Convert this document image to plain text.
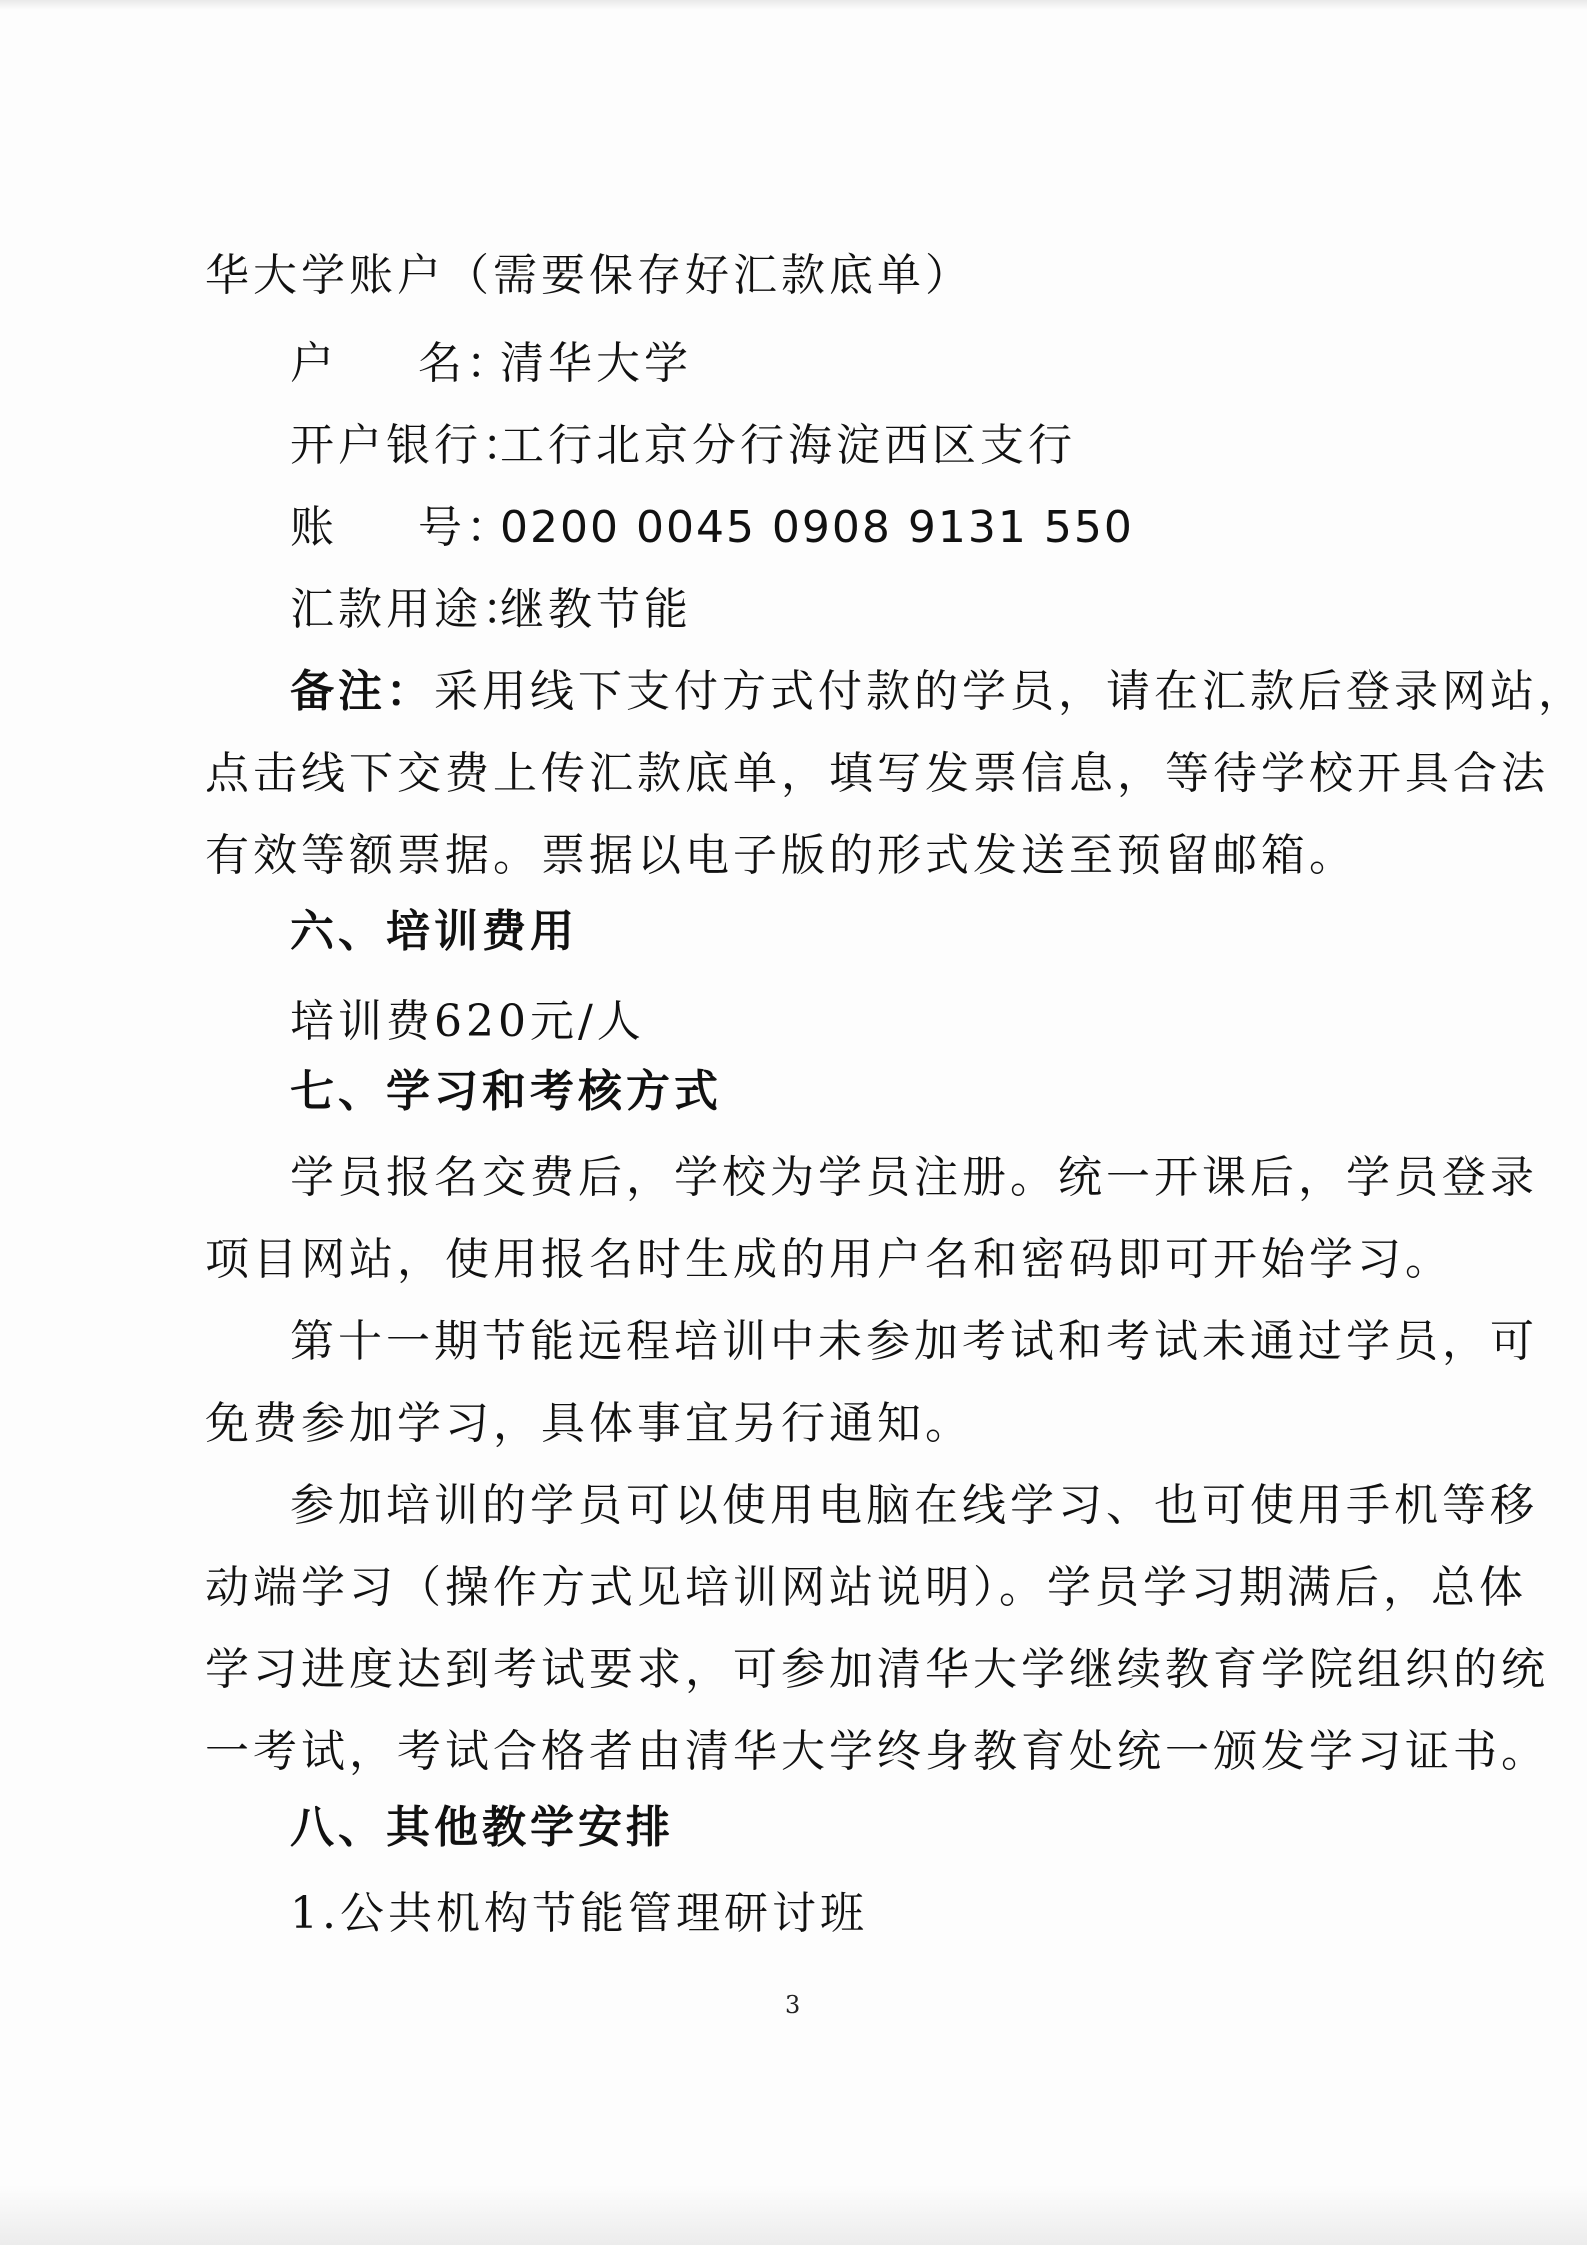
华大学账户（需要保存好汇款底单）
户 名：清华大学
开户银行：工行北京分行海淀西区支行
账 号：0200 0045 0908 9131 550
汇款用途：继教节能
备注：采用线下支付方式付款的学员，请在汇款后登录网站，
点击线下交费上传汇款底单，填写发票信息，等待学校开具合法
有效等额票据。票据以电子版的形式发送至预留邮箱。
六、培训费用
培训费620元/人
七、学习和考核方式
学员报名交费后，学校为学员注册。统一开课后，学员登录
项目网站，使用报名时生成的用户名和密码即可开始学习。
第十一期节能远程培训中未参加考试和考试未通过学员，可
免费参加学习，具体事宜另行通知。
参加培训的学员可以使用电脑在线学习、也可使用手机等移
动端学习（操作方式见培训网站说明）。学员学习期满后，总体
学习进度达到考试要求，可参加清华大学继续教育学院组织的统
一考试，考试合格者由清华大学终身教育处统一颁发学习证书。
八、其他教学安排
1.公共机构节能管理研讨班
3
